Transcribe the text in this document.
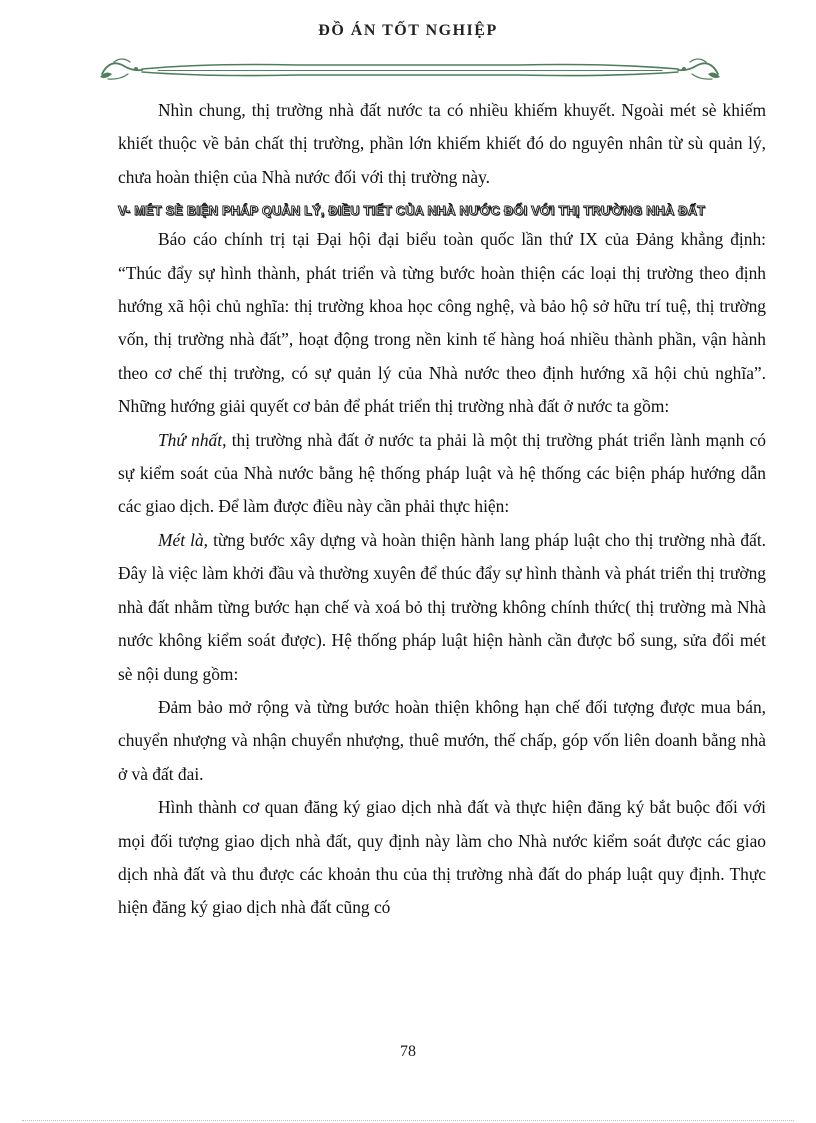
ĐỒ ÁN TỐT NGHIỆP

Nhìn chung, thị trường nhà đất nước ta có nhiều khiếm khuyết. Ngoài mét sè khiếm khiết thuộc về bản chất thị trường, phần lớn khiếm khiết đó do nguyên nhân từ sù quản lý, chưa hoàn thiện của Nhà nước đối với thị trường này.

V- MÉT SÈ BIỆN PHÁP QUẢN LÝ, ĐIỀU TIẾT CỦA NHÀ NƯỚC ĐỐI VỚI THỊ TRƯỜNG NHÀ ĐẤT

Báo cáo chính trị tại Đại hội đại biểu toàn quốc lần thứ IX của Đảng khẳng định: “Thúc đẩy sự hình thành, phát triển và từng bước hoàn thiện các loại thị trường theo định hướng xã hội chủ nghĩa: thị trường khoa học công nghệ, và bảo hộ sở hữu trí tuệ, thị trường vốn, thị trường nhà đất”, hoạt động trong nền kinh tế hàng hoá nhiều thành phần, vận hành theo cơ chế thị trường, có sự quản lý của Nhà nước theo định hướng xã hội chủ nghĩa”. Những hướng giải quyết cơ bản để phát triển thị trường nhà đất ở nước ta gồm:

Thứ nhất, thị trường nhà đất ở nước ta phải là một thị trường phát triển lành mạnh có sự kiểm soát của Nhà nước bằng hệ thống pháp luật và hệ thống các biện pháp hướng dẫn các giao dịch. Để làm được điều này cần phải thực hiện:

Mét là, từng bước xây dựng và hoàn thiện hành lang pháp luật cho thị trường nhà đất. Đây là việc làm khởi đầu và thường xuyên để thúc đẩy sự hình thành và phát triển thị trường nhà đất nhằm từng bước hạn chế và xoá bỏ thị trường không chính thức( thị trường mà Nhà nước không kiểm soát được). Hệ thống pháp luật hiện hành cần được bổ sung, sửa đổi mét sè nội dung gồm:

Đảm bảo mở rộng và từng bước hoàn thiện không hạn chế đối tượng được mua bán, chuyển nhượng và nhận chuyển nhượng, thuê mướn, thế chấp, góp vốn liên doanh bằng nhà ở và đất đai.

Hình thành cơ quan đăng ký giao dịch nhà đất và thực hiện đăng ký bắt buộc đối với mọi đối tượng giao dịch nhà đất, quy định này làm cho Nhà nước kiểm soát được các giao dịch nhà đất và thu được các khoản thu của thị trường nhà đất do pháp luật quy định. Thực hiện đăng ký giao dịch nhà đất cũng có

78
